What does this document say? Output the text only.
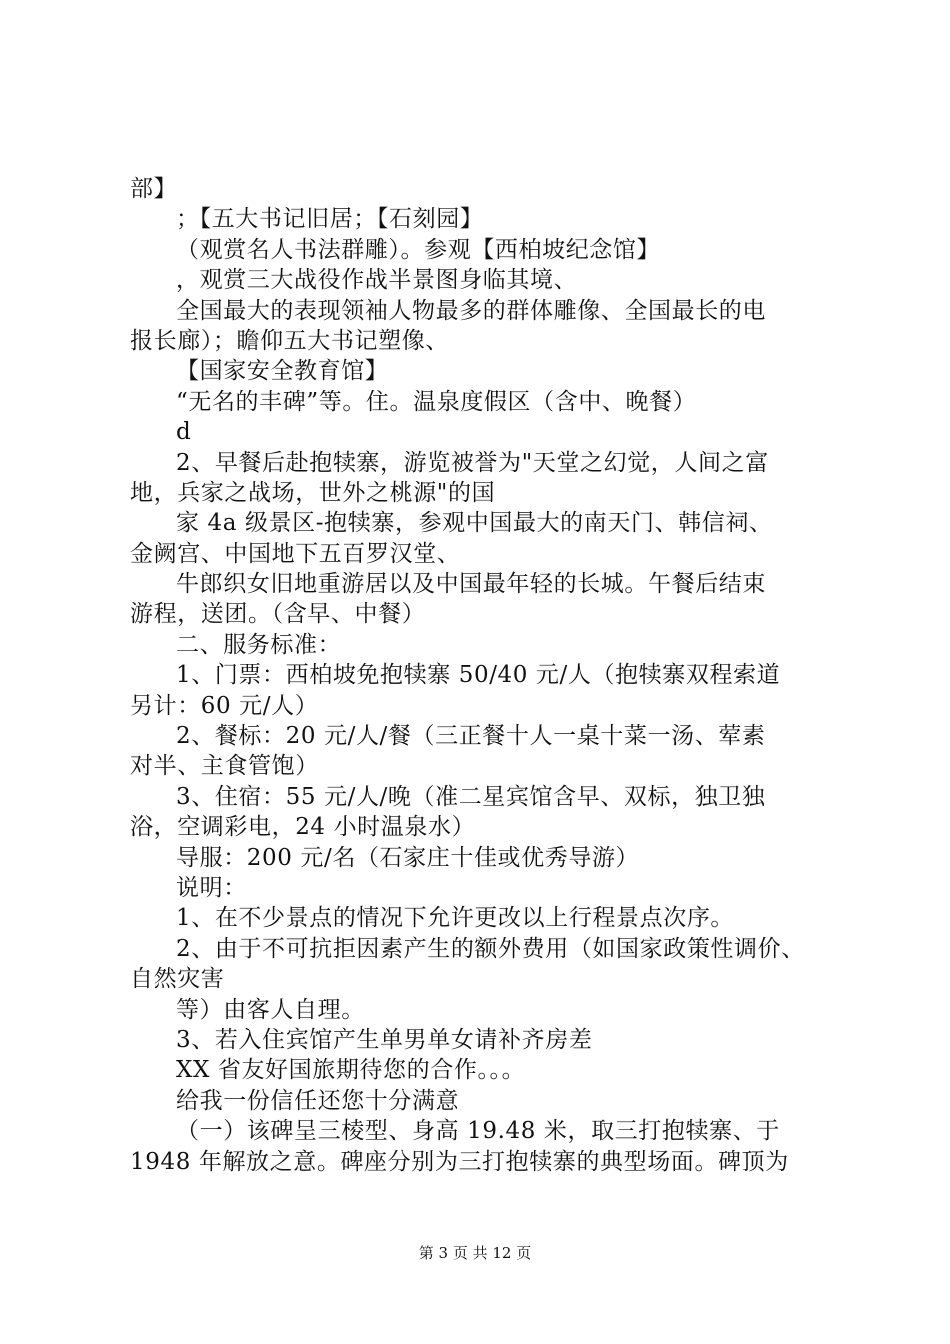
部】
；【五大书记旧居；【石刻园】
（观赏名人书法群雕）。参观【西柏坡纪念馆】
，观赏三大战役作战半景图身临其境、
全国最大的表现领袖人物最多的群体雕像、全国最长的电
报长廊）；瞻仰五大书记塑像、
【国家安全教育馆】
“无名的丰碑”等。住。温泉度假区（含中、晚餐）
d
2、早餐后赴抱犊寨，游览被誉为"天堂之幻觉，人间之富
地，兵家之战场，世外之桃源"的国
家 4a 级景区-抱犊寨，参观中国最大的南天门、韩信祠、
金阙宫、中国地下五百罗汉堂、
牛郎织女旧地重游居以及中国最年轻的长城。午餐后结束
游程，送团。（含早、中餐）
二、服务标准：
1、门票：西柏坡免抱犊寨 50/40 元/人（抱犊寨双程索道
另计：60 元/人）
2、餐标：20 元/人/餐（三正餐十人一桌十菜一汤、荤素
对半、主食管饱）
3、住宿：55 元/人/晚（准二星宾馆含早、双标，独卫独
浴，空调彩电，24 小时温泉水）
导服：200 元/名（石家庄十佳或优秀导游）
说明：
1、在不少景点的情况下允许更改以上行程景点次序。
2、由于不可抗拒因素产生的额外费用（如国家政策性调价、
自然灾害
等）由客人自理。
3、若入住宾馆产生单男单女请补齐房差
XX 省友好国旅期待您的合作。。。
给我一份信任还您十分满意
（一）该碑呈三棱型、身高 19.48 米，取三打抱犊寨、于
1948 年解放之意。碑座分别为三打抱犊寨的典型场面。碑顶为
第 3 页 共 12 页
